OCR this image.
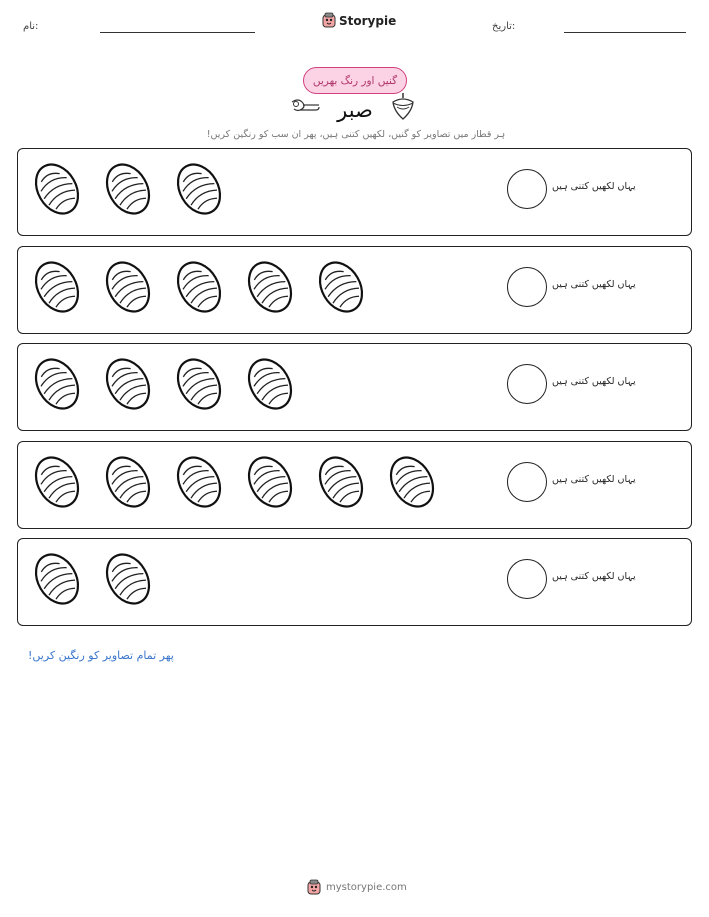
نام:	Storypie	تاریخ:
گنیں اور رنگ بھریں
صبر
ہر قطار میں تصاویر کو گنیں، لکھیں کتنی ہیں، پھر ان سب کو رنگین کریں!
یہاں لکھیں کتنی ہیں
یہاں لکھیں کتنی ہیں
یہاں لکھیں کتنی ہیں
یہاں لکھیں کتنی ہیں
یہاں لکھیں کتنی ہیں
پھر تمام تصاویر کو رنگین کریں!
mystorypie.com
